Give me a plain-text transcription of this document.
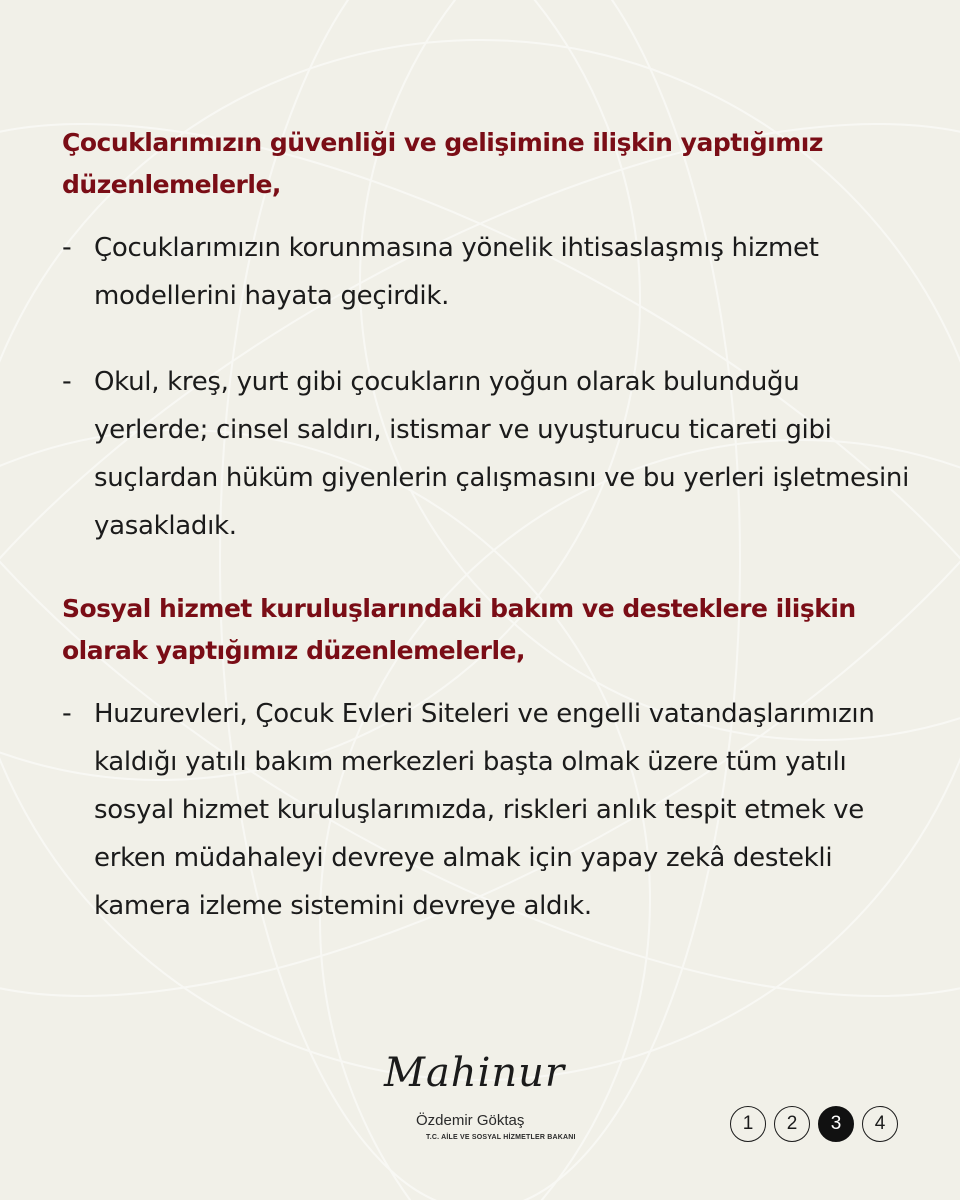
Çocuklarımızın güvenliği ve gelişimine ilişkin yaptığımız düzenlemelerle,
- Çocuklarımızın korunmasına yönelik ihtisaslaşmış hizmet modellerini hayata geçirdik.
- Okul, kreş, yurt gibi çocukların yoğun olarak bulunduğu yerlerde; cinsel saldırı, istismar ve uyuşturucu ticareti gibi suçlardan hüküm giyenlerin çalışmasını ve bu yerleri işletmesini yasakladık.
Sosyal hizmet kuruluşlarındaki bakım ve desteklere ilişkin olarak yaptığımız düzenlemelerle,
- Huzurevleri, Çocuk Evleri Siteleri ve engelli vatandaşlarımızın kaldığı yatılı bakım merkezleri başta olmak üzere tüm yatılı sosyal hizmet kuruluşlarımızda, riskleri anlık tespit etmek ve erken müdahaleyi devreye almak için yapay zekâ destekli kamera izleme sistemini devreye aldık.
Mahinur
Özdemir Göktaş
T.C. AİLE VE SOSYAL HİZMETLER BAKANI
1	2	3	4
